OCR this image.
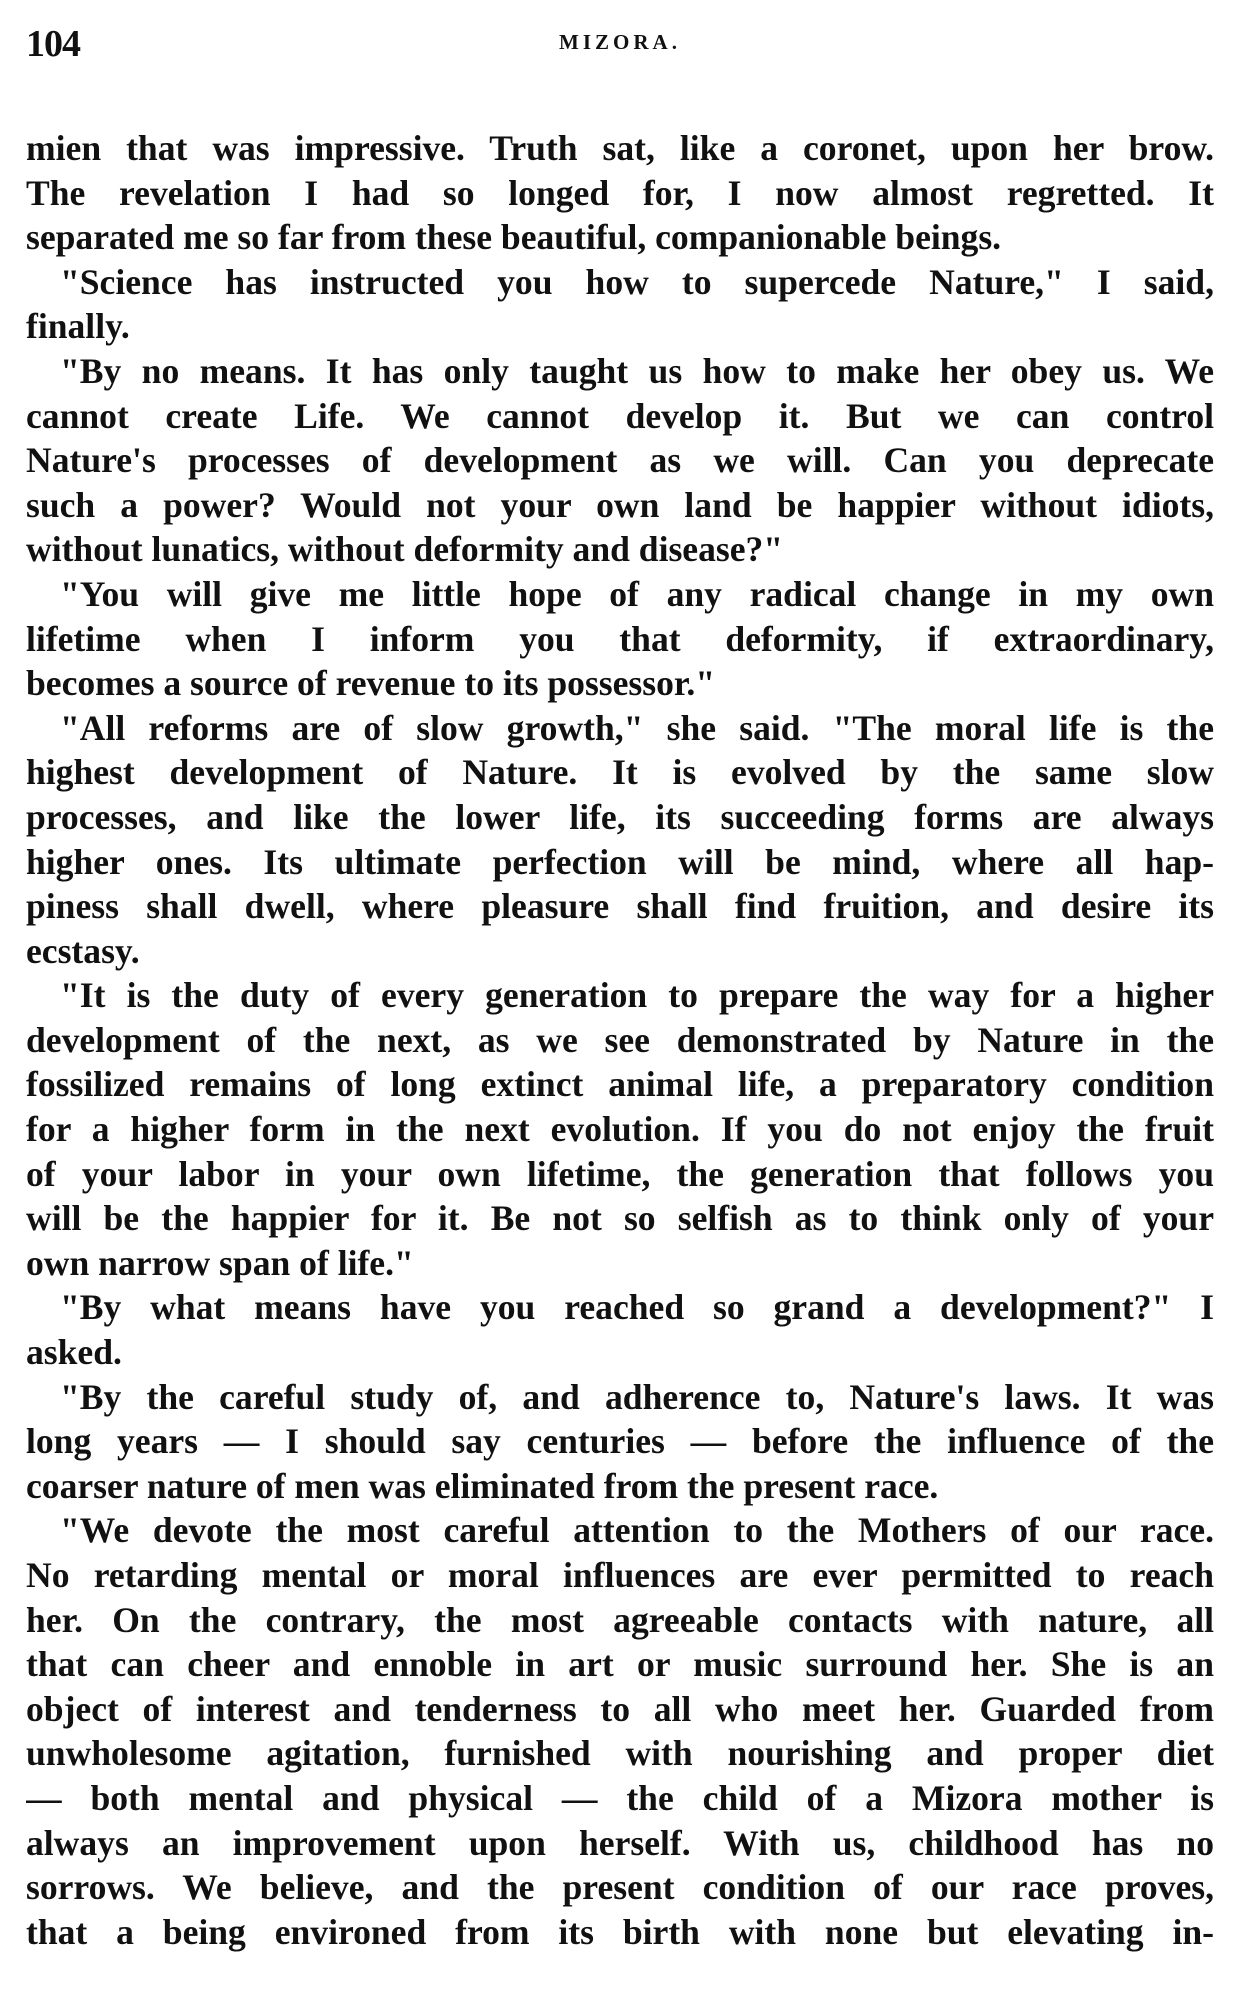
104	MIZORA.
mien that was impressive. Truth sat, like a coronet, upon her brow.
The revelation I had so longed for, I now almost regretted. It
separated me so far from these beautiful, companionable beings.
"Science has instructed you how to supercede Nature," I said,
finally.
"By no means. It has only taught us how to make her obey us. We
cannot create Life. We cannot develop it. But we can control
Nature's processes of development as we will. Can you deprecate
such a power? Would not your own land be happier without idiots,
without lunatics, without deformity and disease?"
"You will give me little hope of any radical change in my own
lifetime when I inform you that deformity, if extraordinary,
becomes a source of revenue to its possessor."
"All reforms are of slow growth," she said. "The moral life is the
highest development of Nature. It is evolved by the same slow
processes, and like the lower life, its succeeding forms are always
higher ones. Its ultimate perfection will be mind, where all hap-
piness shall dwell, where pleasure shall find fruition, and desire its
ecstasy.
"It is the duty of every generation to prepare the way for a higher
development of the next, as we see demonstrated by Nature in the
fossilized remains of long extinct animal life, a preparatory condition
for a higher form in the next evolution. If you do not enjoy the fruit
of your labor in your own lifetime, the generation that follows you
will be the happier for it. Be not so selfish as to think only of your
own narrow span of life."
"By what means have you reached so grand a development?" I
asked.
"By the careful study of, and adherence to, Nature's laws. It was
long years — I should say centuries — before the influence of the
coarser nature of men was eliminated from the present race.
"We devote the most careful attention to the Mothers of our race.
No retarding mental or moral influences are ever permitted to reach
her. On the contrary, the most agreeable contacts with nature, all
that can cheer and ennoble in art or music surround her. She is an
object of interest and tenderness to all who meet her. Guarded from
unwholesome agitation, furnished with nourishing and proper diet
— both mental and physical — the child of a Mizora mother is
always an improvement upon herself. With us, childhood has no
sorrows. We believe, and the present condition of our race proves,
that a being environed from its birth with none but elevating in-
